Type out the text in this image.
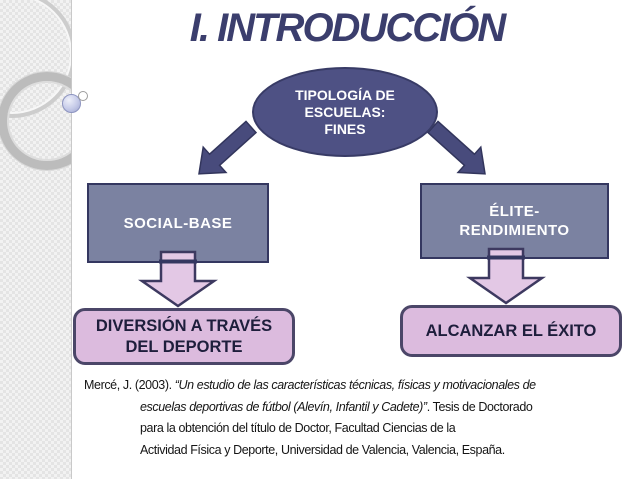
I. INTRODUCCIÓN
TIPOLOGÍA DE
ESCUELAS:
FINES
SOCIAL-BASE
ÉLITE-
RENDIMIENTO
DIVERSIÓN A TRAVÉS
DEL DEPORTE
ALCANZAR EL ÉXITO
Mercé, J. (2003). “Un estudio de las características técnicas, físicas y motivacionales de
escuelas deportivas de fútbol (Alevín, Infantil y Cadete)”. Tesis de Doctorado
para la obtención del título de Doctor, Facultad Ciencias de la
Actividad Física y Deporte, Universidad de Valencia, Valencia, España.
